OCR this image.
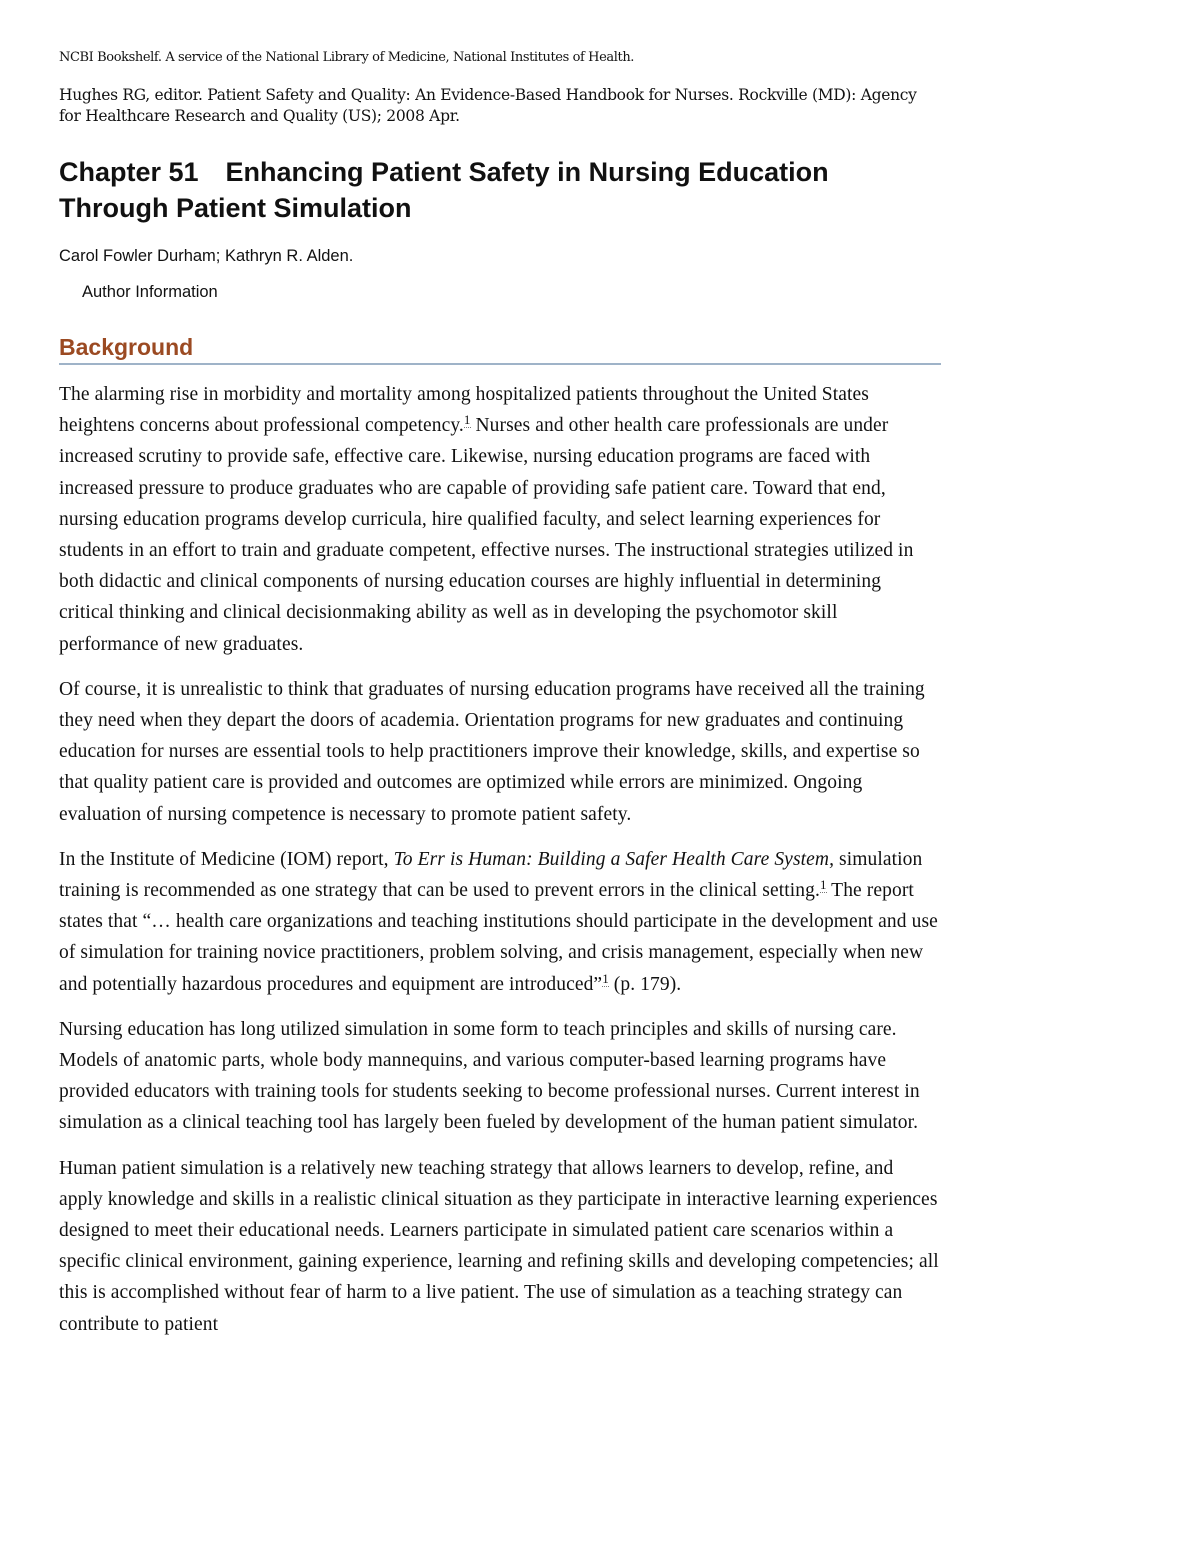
NCBI Bookshelf. A service of the National Library of Medicine, National Institutes of Health.

Hughes RG, editor. Patient Safety and Quality: An Evidence-Based Handbook for Nurses. Rockville (MD): Agency for Healthcare Research and Quality (US); 2008 Apr.

Chapter 51 Enhancing Patient Safety in Nursing Education Through Patient Simulation

Carol Fowler Durham; Kathryn R. Alden.

Author Information

Background

The alarming rise in morbidity and mortality among hospitalized patients throughout the United States heightens concerns about professional competency.$^1$ Nurses and other health care professionals are under increased scrutiny to provide safe, effective care. Likewise, nursing education programs are faced with increased pressure to produce graduates who are capable of providing safe patient care. Toward that end, nursing education programs develop curricula, hire qualified faculty, and select learning experiences for students in an effort to train and graduate competent, effective nurses. The instructional strategies utilized in both didactic and clinical components of nursing education courses are highly influential in determining critical thinking and clinical decisionmaking ability as well as in developing the psychomotor skill performance of new graduates.

Of course, it is unrealistic to think that graduates of nursing education programs have received all the training they need when they depart the doors of academia. Orientation programs for new graduates and continuing education for nurses are essential tools to help practitioners improve their knowledge, skills, and expertise so that quality patient care is provided and outcomes are optimized while errors are minimized. Ongoing evaluation of nursing competence is necessary to promote patient safety.

In the Institute of Medicine (IOM) report, To Err is Human: Building a Safer Health Care System, simulation training is recommended as one strategy that can be used to prevent errors in the clinical setting.$^1$ The report states that “… health care organizations and teaching institutions should participate in the development and use of simulation for training novice practitioners, problem solving, and crisis management, especially when new and potentially hazardous procedures and equipment are introduced”$^1$ (p. 179).

Nursing education has long utilized simulation in some form to teach principles and skills of nursing care. Models of anatomic parts, whole body mannequins, and various computer-based learning programs have provided educators with training tools for students seeking to become professional nurses. Current interest in simulation as a clinical teaching tool has largely been fueled by development of the human patient simulator.

Human patient simulation is a relatively new teaching strategy that allows learners to develop, refine, and apply knowledge and skills in a realistic clinical situation as they participate in interactive learning experiences designed to meet their educational needs. Learners participate in simulated patient care scenarios within a specific clinical environment, gaining experience, learning and refining skills and developing competencies; all this is accomplished without fear of harm to a live patient. The use of simulation as a teaching strategy can contribute to patient
